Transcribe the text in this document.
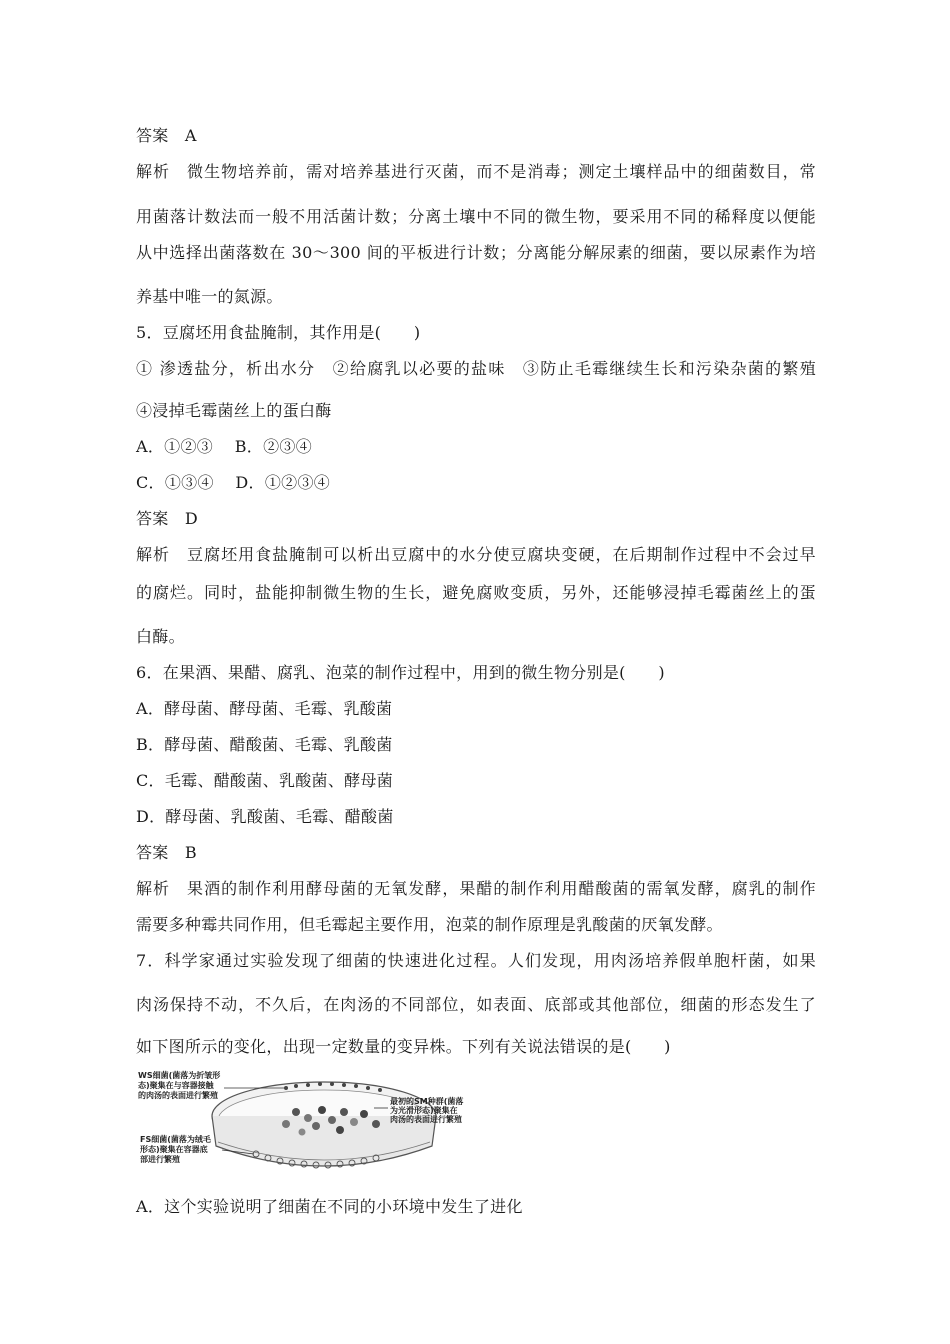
答案　A
解析　微生物培养前，需对培养基进行灭菌，而不是消毒；测定土壤样品中的细菌数目，常
用菌落计数法而一般不用活菌计数；分离土壤中不同的微生物，要采用不同的稀释度以便能
从中选择出菌落数在 30～300 间的平板进行计数；分离能分解尿素的细菌，要以尿素作为培
养基中唯一的氮源。
5．豆腐坯用食盐腌制，其作用是(　　)
① 渗透盐分，析出水分　②给腐乳以必要的盐味　③防止毛霉继续生长和污染杂菌的繁殖
④浸掉毛霉菌丝上的蛋白酶
A．①②③　 B．②③④
C．①③④　 D．①②③④
答案　D
解析　豆腐坯用食盐腌制可以析出豆腐中的水分使豆腐块变硬，在后期制作过程中不会过早
的腐烂。同时，盐能抑制微生物的生长，避免腐败变质，另外，还能够浸掉毛霉菌丝上的蛋
白酶。
6．在果酒、果醋、腐乳、泡菜的制作过程中，用到的微生物分别是(　　)
A．酵母菌、酵母菌、毛霉、乳酸菌
B．酵母菌、醋酸菌、毛霉、乳酸菌
C．毛霉、醋酸菌、乳酸菌、酵母菌
D．酵母菌、乳酸菌、毛霉、醋酸菌
答案　B
解析　果酒的制作利用酵母菌的无氧发酵，果醋的制作利用醋酸菌的需氧发酵，腐乳的制作
需要多种霉共同作用，但毛霉起主要作用，泡菜的制作原理是乳酸菌的厌氧发酵。
7．科学家通过实验发现了细菌的快速进化过程。人们发现，用肉汤培养假单胞杆菌，如果
肉汤保持不动，不久后，在肉汤的不同部位，如表面、底部或其他部位，细菌的形态发生了
如下图所示的变化，出现一定数量的变异株。下列有关说法错误的是(　　)
WS细菌(菌落为折皱形
态)聚集在与容器接触
的肉汤的表面进行繁殖
最初的SM种群(菌落
为光滑形态)聚集在
肉汤的表面进行繁殖
FS细菌(菌落为绒毛
形态)聚集在容器底
部进行繁殖
A．这个实验说明了细菌在不同的小环境中发生了进化
